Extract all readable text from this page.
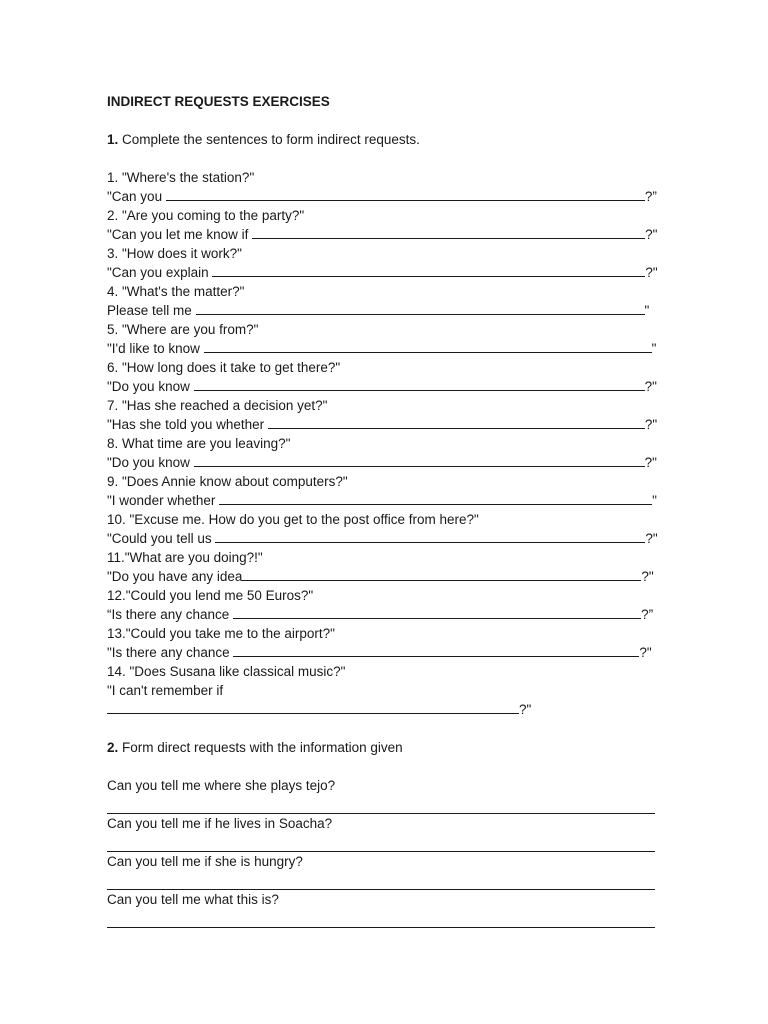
INDIRECT REQUESTS EXERCISES
1. Complete the sentences to form indirect requests.
1. "Where's the station?"
"Can you	?”
2. "Are you coming to the party?"
"Can you let me know if	?"
3. "How does it work?"
"Can you explain	?"
4. "What's the matter?"
Please tell me	"
5. "Where are you from?"
"I'd like to know	"
6. "How long does it take to get there?"
"Do you know	?"
7. "Has she reached a decision yet?"
"Has she told you whether	?"
8. What time are you leaving?"
"Do you know	?"
9. "Does Annie know about computers?"
"I wonder whether	"
10. "Excuse me. How do you get to the post office from here?"
"Could you tell us	?"
11."What are you doing?!"
"Do you have any idea	?"
12."Could you lend me 50 Euros?"
“Is there any chance	?”
13."Could you take me to the airport?"
"Is there any chance	?"
14. "Does Susana like classical music?"
"I can't remember if
?"
2. Form direct requests with the information given
Can you tell me where she plays tejo?
Can you tell me if he lives in Soacha?
Can you tell me if she is hungry?
Can you tell me what this is?
